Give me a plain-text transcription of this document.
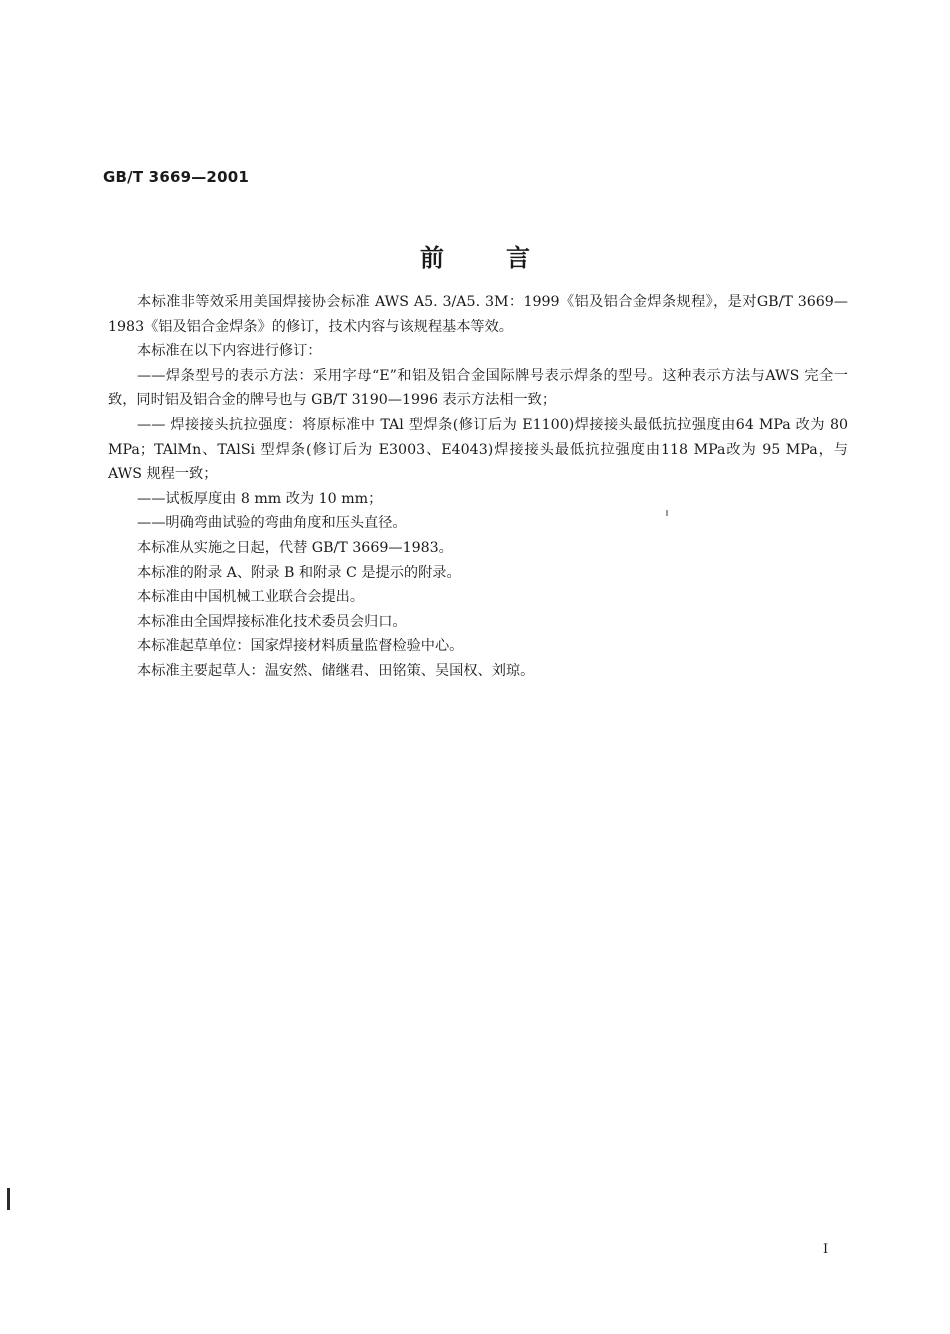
GB/T 3669—2001
前言

本标准非等效采用美国焊接协会标准 AWS A5. 3/A5. 3M：1999《铝及铝合金焊条规程》，是对GB/T 3669—1983《铝及铝合金焊条》的修订，技术内容与该规程基本等效。

本标准在以下内容进行修订：

——焊条型号的表示方法：采用字母“E”和铝及铝合金国际牌号表示焊条的型号。这种表示方法与AWS 完全一致，同时铝及铝合金的牌号也与 GB/T 3190—1996 表示方法相一致；

—— 焊接接头抗拉强度：将原标准中 TAl 型焊条(修订后为 E1100)焊接接头最低抗拉强度由64 MPa 改为 80 MPa；TAlMn、TAlSi 型焊条(修订后为 E3003、E4043)焊接接头最低抗拉强度由118 MPa改为 95 MPa，与 AWS 规程一致；

——试板厚度由 8 mm 改为 10 mm；

——明确弯曲试验的弯曲角度和压头直径。

本标准从实施之日起，代替 GB/T 3669—1983。

本标准的附录 A、附录 B 和附录 C 是提示的附录。

本标准由中国机械工业联合会提出。

本标准由全国焊接标准化技术委员会归口。

本标准起草单位：国家焊接材料质量监督检验中心。

本标准主要起草人：温安然、储继君、田铭策、吴国权、刘琼。

I
